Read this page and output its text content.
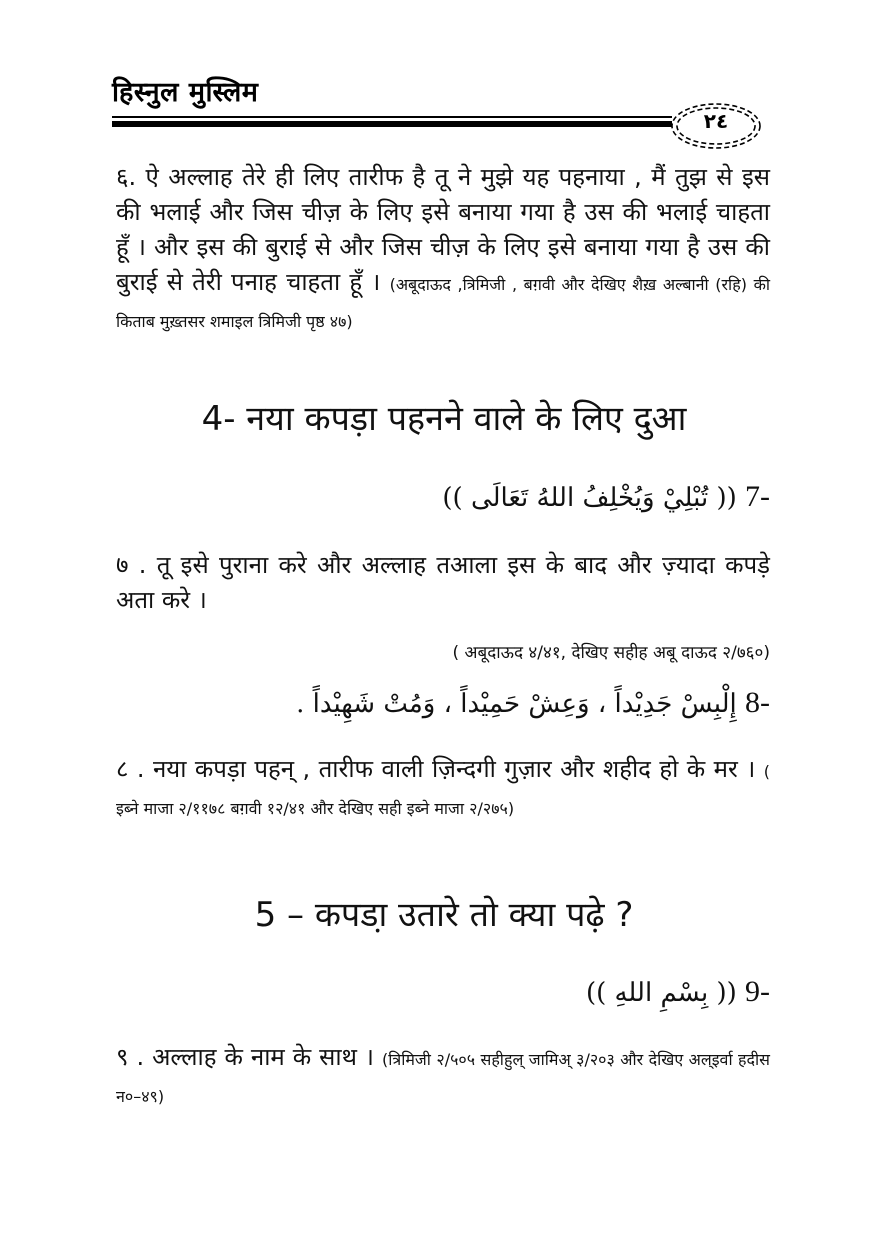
हिस्नुल मुस्लिम
٢٤
६. ऐ अल्लाह तेरे ही लिए तारीफ है तू ने मुझे यह पहनाया , मैं तुझ से इस की भलाई और जिस चीज़ के लिए इसे बनाया गया है उस की भलाई चाहता हूँ । और इस की बुराई से और जिस चीज़ के लिए इसे बनाया गया है उस की बुराई से तेरी पनाह चाहता हूँ । (अबूदाऊद ,त्रिमिजी , बग़वी और देखिए शैख़ अल्बानी (रहि) की किताब मुख़्तसर शमाइल त्रिमिजी पृष्ठ ४७)
4- नया कपड़ा पहनने वाले के लिए दुआ
-7 (( تُبْلِيْ وَيُخْلِفُ اللهُ تَعَالَى ))
७ . तू इसे पुराना करे और अल्लाह तआला इस के बाद और ज़्यादा कपड़े अता करे ।
( अबूदाऊद ४/४१, देखिए सहीह अबू दाऊद २/७६०)
-8 إِلْبِسْ جَدِيْداً ، وَعِشْ حَمِيْداً ، وَمُتْ شَهِيْداً .
८ . नया कपड़ा पहन् , तारीफ वाली ज़िन्दगी गुज़ार और शहीद हो के मर । ( इब्ने माजा २/११७८ बग़वी १२/४१ और देखिए सही इब्ने माजा २/२७५)
5 – कपडा़ उतारे तो क्या पढ़े ?
-9 (( بِسْمِ اللهِ ))
९ . अल्लाह के नाम के साथ । (त्रिमिजी २/५०५ सहीहुल् जामिअ् ३/२०३ और देखिए अल्इर्वा हदीस न०–४९)
